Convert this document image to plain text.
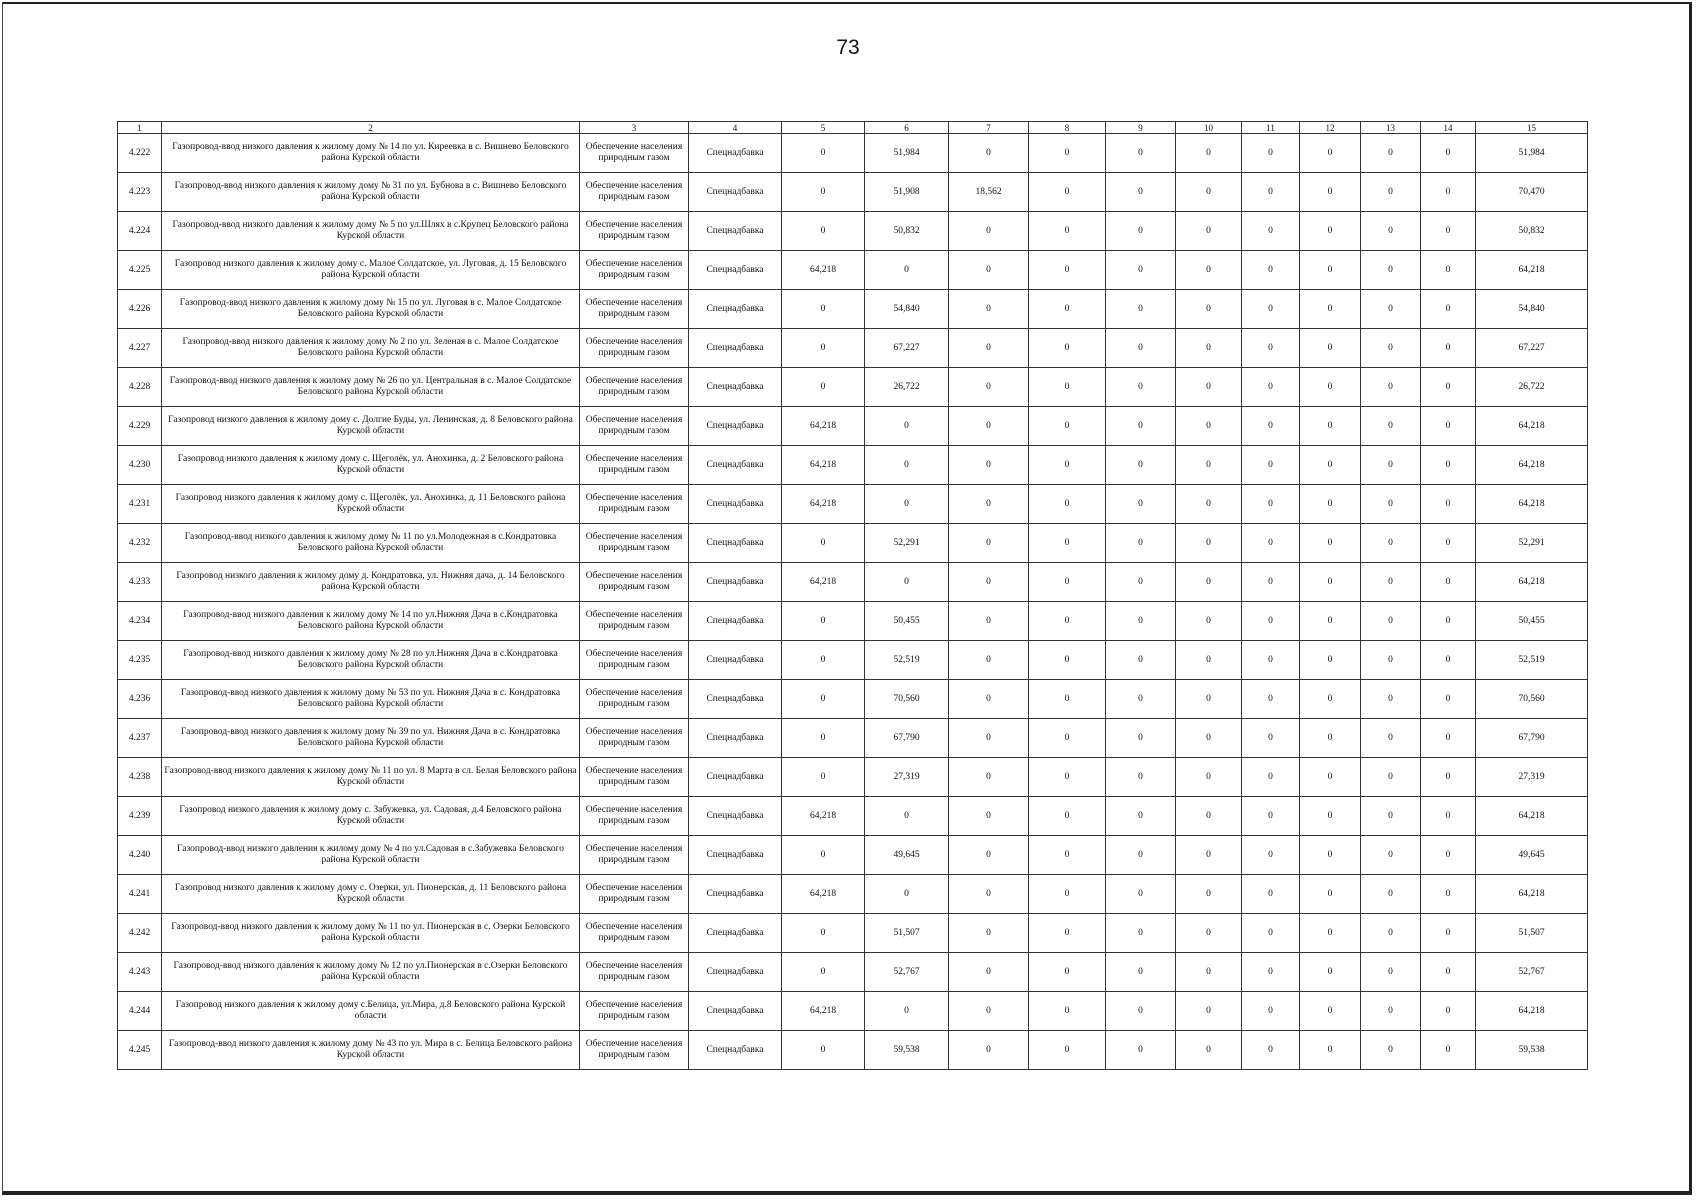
73
1	2	3	4	5	6	7	8	9	10	11	12	13	14	15
4.222	Газопровод-ввод низкого давления к жилому дому № 14 по ул. Киреевка в с. Вишнево Беловского района Курской области	Обеспечение населения природным газом	Спецнадбавка	0	51,984	0	0	0	0	0	0	0	0	51,984
4.223	Газопровод-ввод низкого давления к жилому дому № 31 по ул. Бубнова в с. Вишнево Беловского района Курской области	Обеспечение населения природным газом	Спецнадбавка	0	51,908	18,562	0	0	0	0	0	0	0	70,470
4.224	Газопровод-ввод низкого давления к жилому дому № 5 по ул.Шлях в с.Крупец Беловского района Курской области	Обеспечение населения природным газом	Спецнадбавка	0	50,832	0	0	0	0	0	0	0	0	50,832
4.225	Газопровод низкого давления к жилому дому с. Малое Солдатское, ул. Луговая, д. 15 Беловского района Курской области	Обеспечение населения природным газом	Спецнадбавка	64,218	0	0	0	0	0	0	0	0	0	64,218
4.226	Газопровод-ввод низкого давления к жилому дому № 15 по ул. Луговая в с. Малое Солдатское Беловского района Курской области	Обеспечение населения природным газом	Спецнадбавка	0	54,840	0	0	0	0	0	0	0	0	54,840
4.227	Газопровод-ввод низкого давления к жилому дому № 2 по ул. Зеленая в с. Малое Солдатское Беловского района Курской области	Обеспечение населения природным газом	Спецнадбавка	0	67,227	0	0	0	0	0	0	0	0	67,227
4.228	Газопровод-ввод низкого давления к жилому дому № 26 по ул. Центральная в с. Малое Солдатское Беловского района Курской области	Обеспечение населения природным газом	Спецнадбавка	0	26,722	0	0	0	0	0	0	0	0	26,722
4.229	Газопровод низкого давления к жилому дому с. Долгие Буды, ул. Ленинская, д. 8 Беловского района Курской области	Обеспечение населения природным газом	Спецнадбавка	64,218	0	0	0	0	0	0	0	0	0	64,218
4.230	Газопровод низкого давления к жилому дому с. Щеголёк, ул. Анохинка, д. 2 Беловского района Курской области	Обеспечение населения природным газом	Спецнадбавка	64,218	0	0	0	0	0	0	0	0	0	64,218
4.231	Газопровод низкого давления к жилому дому с. Щеголёк, ул. Анохинка, д. 11 Беловского района Курской области	Обеспечение населения природным газом	Спецнадбавка	64,218	0	0	0	0	0	0	0	0	0	64,218
4.232	Газопровод-ввод низкого давления к жилому дому № 11 по ул.Молодежная в с.Кондратовка Беловского района Курской области	Обеспечение населения природным газом	Спецнадбавка	0	52,291	0	0	0	0	0	0	0	0	52,291
4.233	Газопровод низкого давления к жилому дому д. Кондратовка, ул. Нижняя дача, д. 14 Беловского района Курской области	Обеспечение населения природным газом	Спецнадбавка	64,218	0	0	0	0	0	0	0	0	0	64,218
4.234	Газопровод-ввод низкого давления к жилому дому № 14 по ул.Нижняя Дача в с.Кондратовка Беловского района Курской области	Обеспечение населения природным газом	Спецнадбавка	0	50,455	0	0	0	0	0	0	0	0	50,455
4.235	Газопровод-ввод низкого давления к жилому дому № 28 по ул.Нижняя Дача в с.Кондратовка Беловского района Курской области	Обеспечение населения природным газом	Спецнадбавка	0	52,519	0	0	0	0	0	0	0	0	52,519
4.236	Газопровод-ввод низкого давления к жилому дому № 53 по ул. Нижняя Дача в с. Кондратовка Беловского района Курской области	Обеспечение населения природным газом	Спецнадбавка	0	70,560	0	0	0	0	0	0	0	0	70,560
4.237	Газопровод-ввод низкого давления к жилому дому № 39 по ул. Нижняя Дача в с. Кондратовка Беловского района Курской области	Обеспечение населения природным газом	Спецнадбавка	0	67,790	0	0	0	0	0	0	0	0	67,790
4.238	Газопровод-ввод низкого давления к жилому дому № 11 по ул. 8 Марта в сл. Белая Беловского района Курской области	Обеспечение населения природным газом	Спецнадбавка	0	27,319	0	0	0	0	0	0	0	0	27,319
4.239	Газопровод низкого давления к жилому дому с. Забужевка, ул. Садовая, д.4 Беловского района Курской области	Обеспечение населения природным газом	Спецнадбавка	64,218	0	0	0	0	0	0	0	0	0	64,218
4.240	Газопровод-ввод низкого давления к жилому дому № 4 по ул.Садовая в с.Забужевка Беловского района Курской области	Обеспечение населения природным газом	Спецнадбавка	0	49,645	0	0	0	0	0	0	0	0	49,645
4.241	Газопровод низкого давления к жилому дому с. Озерки, ул. Пионерская, д. 11 Беловского района Курской области	Обеспечение населения природным газом	Спецнадбавка	64,218	0	0	0	0	0	0	0	0	0	64,218
4.242	Газопровод-ввод низкого давления к жилому дому № 11 по ул. Пионерская в с. Озерки Беловского района Курской области	Обеспечение населения природным газом	Спецнадбавка	0	51,507	0	0	0	0	0	0	0	0	51,507
4.243	Газопровод-ввод низкого давления к жилому дому № 12 по ул.Пионерская в с.Озерки Беловского района Курской области	Обеспечение населения природным газом	Спецнадбавка	0	52,767	0	0	0	0	0	0	0	0	52,767
4.244	Газопровод низкого давления к жилому дому с.Белица, ул.Мира, д.8 Беловского района Курской области	Обеспечение населения природным газом	Спецнадбавка	64,218	0	0	0	0	0	0	0	0	0	64,218
4.245	Газопровод-ввод низкого давления к жилому дому № 43 по ул. Мира в с. Белица Беловского района Курской области	Обеспечение населения природным газом	Спецнадбавка	0	59,538	0	0	0	0	0	0	0	0	59,538
